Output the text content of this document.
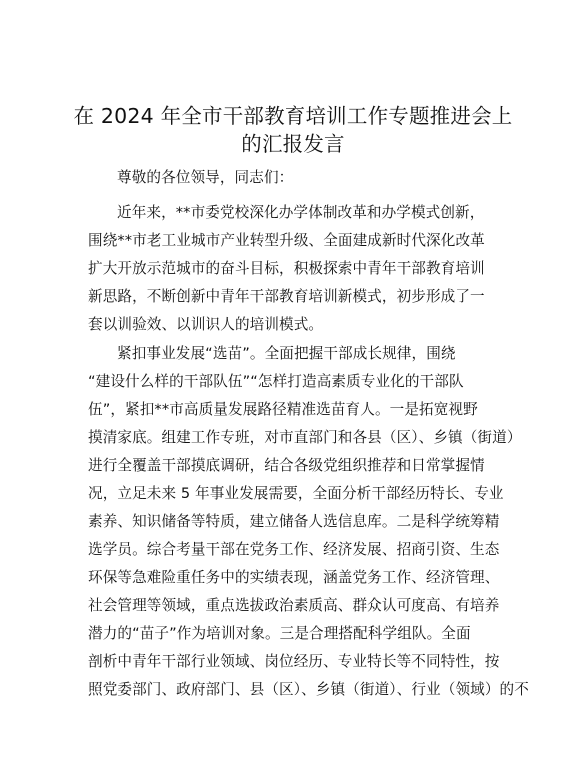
在 2024 年全市干部教育培训工作专题推进会上
的汇报发言

尊敬的各位领导，同志们：

近年来，**市委党校深化办学体制改革和办学模式创新，
围绕**市老工业城市产业转型升级、全面建成新时代深化改革
扩大开放示范城市的奋斗目标，积极探索中青年干部教育培训
新思路，不断创新中青年干部教育培训新模式，初步形成了一
套以训验效、以训识人的培训模式。

紧扣事业发展“选苗”。全面把握干部成长规律，围绕
“建设什么样的干部队伍”“怎样打造高素质专业化的干部队
伍”，紧扣**市高质量发展路径精准选苗育人。一是拓宽视野
摸清家底。组建工作专班，对市直部门和各县（区）、乡镇（街道）
进行全覆盖干部摸底调研，结合各级党组织推荐和日常掌握情
况，立足未来 5 年事业发展需要，全面分析干部经历特长、专业
素养、知识储备等特质，建立储备人选信息库。二是科学统筹精
选学员。综合考量干部在党务工作、经济发展、招商引资、生态
环保等急难险重任务中的实绩表现，涵盖党务工作、经济管理、
社会管理等领域，重点选拔政治素质高、群众认可度高、有培养
潜力的“苗子”作为培训对象。三是合理搭配科学组队。全面
剖析中青年干部行业领域、岗位经历、专业特长等不同特性，按
照党委部门、政府部门、县（区）、乡镇（街道）、行业（领域）的不
